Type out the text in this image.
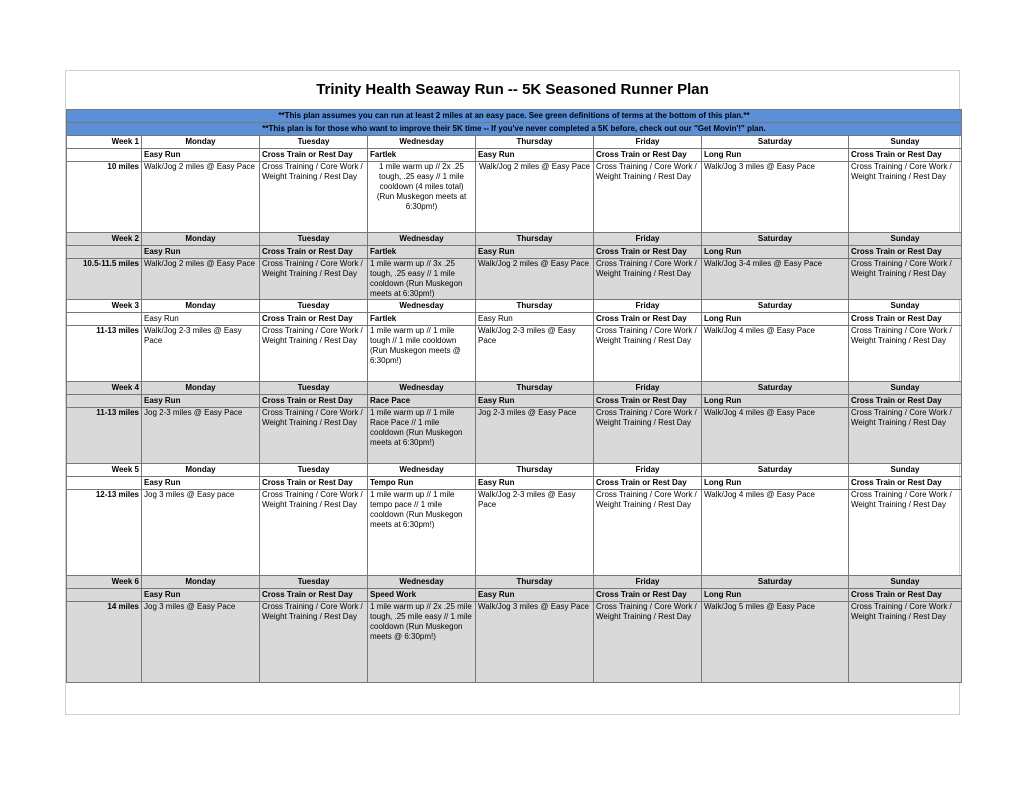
Trinity Health Seaway Run -- 5K Seasoned Runner Plan
**This plan assumes you can run at least 2 miles at an easy pace. See green definitions of terms at the bottom of this plan.**							
**This plan is for those who want to improve their 5K time -- If you've never completed a 5K before, check out our "Get Movin'!" plan.							
Week 1	Monday	Tuesday	Wednesday	Thursday	Friday	Saturday	Sunday
	Easy Run	Cross Train or Rest Day	Fartlek	Easy Run	Cross Train or Rest Day	Long Run	Cross Train or Rest Day
10 miles	Walk/Jog 2 miles @ Easy Pace	Cross Training / Core Work / Weight Training / Rest Day	1 mile warm up // 2x .25 tough, .25 easy // 1 mile cooldown (4 miles total) (Run Muskegon meets at 6:30pm!)	Walk/Jog 2 miles @ Easy Pace	Cross Training / Core Work / Weight Training / Rest Day	Walk/Jog 3 miles @ Easy Pace	Cross Training / Core Work / Weight Training / Rest Day
Week 2	Monday	Tuesday	Wednesday	Thursday	Friday	Saturday	Sunday
	Easy Run	Cross Train or Rest Day	Fartlek	Easy Run	Cross Train or Rest Day	Long Run	Cross Train or Rest Day
10.5-11.5 miles	Walk/Jog 2 miles @ Easy Pace	Cross Training / Core Work / Weight Training / Rest Day	1 mile warm up // 3x .25 tough, .25 easy // 1 mile cooldown (Run Muskegon meets at 6:30pm!)	Walk/Jog 2 miles @ Easy Pace	Cross Training / Core Work / Weight Training / Rest Day	Walk/Jog 3-4 miles @ Easy Pace	Cross Training / Core Work / Weight Training / Rest Day
Week 3	Monday	Tuesday	Wednesday	Thursday	Friday	Saturday	Sunday
	Easy Run	Cross Train or Rest Day	Fartlek	Easy Run	Cross Train or Rest Day	Long Run	Cross Train or Rest Day
11-13 miles	Walk/Jog 2-3 miles @ Easy Pace	Cross Training / Core Work / Weight Training / Rest Day	1 mile warm up // 1 mile tough // 1 mile cooldown (Run Muskegon meets @ 6:30pm!)	Walk/Jog 2-3 miles @ Easy Pace	Cross Training / Core Work / Weight Training / Rest Day	Walk/Jog 4 miles @ Easy Pace	Cross Training / Core Work / Weight Training / Rest Day
Week 4	Monday	Tuesday	Wednesday	Thursday	Friday	Saturday	Sunday
	Easy Run	Cross Train or Rest Day	Race Pace	Easy Run	Cross Train or Rest Day	Long Run	Cross Train or Rest Day
11-13 miles	Jog 2-3 miles @ Easy Pace	Cross Training / Core Work / Weight Training / Rest Day	1 mile warm up // 1 mile Race Pace // 1 mile cooldown (Run Muskegon meets at 6:30pm!)	Jog 2-3 miles @ Easy Pace	Cross Training / Core Work / Weight Training / Rest Day	Walk/Jog 4 miles @ Easy Pace	Cross Training / Core Work / Weight Training / Rest Day
Week 5	Monday	Tuesday	Wednesday	Thursday	Friday	Saturday	Sunday
	Easy Run	Cross Train or Rest Day	Tempo Run	Easy Run	Cross Train or Rest Day	Long Run	Cross Train or Rest Day
12-13 miles	Jog 3 miles @ Easy pace	Cross Training / Core Work / Weight Training / Rest Day	1 mile warm up // 1 mile tempo pace // 1 mile cooldown (Run Muskegon meets at 6:30pm!)	Walk/Jog 2-3 miles @ Easy Pace	Cross Training / Core Work / Weight Training / Rest Day	Walk/Jog 4 miles @ Easy Pace	Cross Training / Core Work / Weight Training / Rest Day
Week 6	Monday	Tuesday	Wednesday	Thursday	Friday	Saturday	Sunday
	Easy Run	Cross Train or Rest Day	Speed Work	Easy Run	Cross Train or Rest Day	Long Run	Cross Train or Rest Day
14 miles	Jog 3 miles @ Easy Pace	Cross Training / Core Work / Weight Training / Rest Day	1 mile warm up // 2x .25 mile tough, .25 mile easy // 1 mile cooldown (Run Muskegon meets @ 6:30pm!)	Walk/Jog 3 miles @ Easy Pace	Cross Training / Core Work / Weight Training / Rest Day	Walk/Jog 5 miles @ Easy Pace	Cross Training / Core Work / Weight Training / Rest Day
